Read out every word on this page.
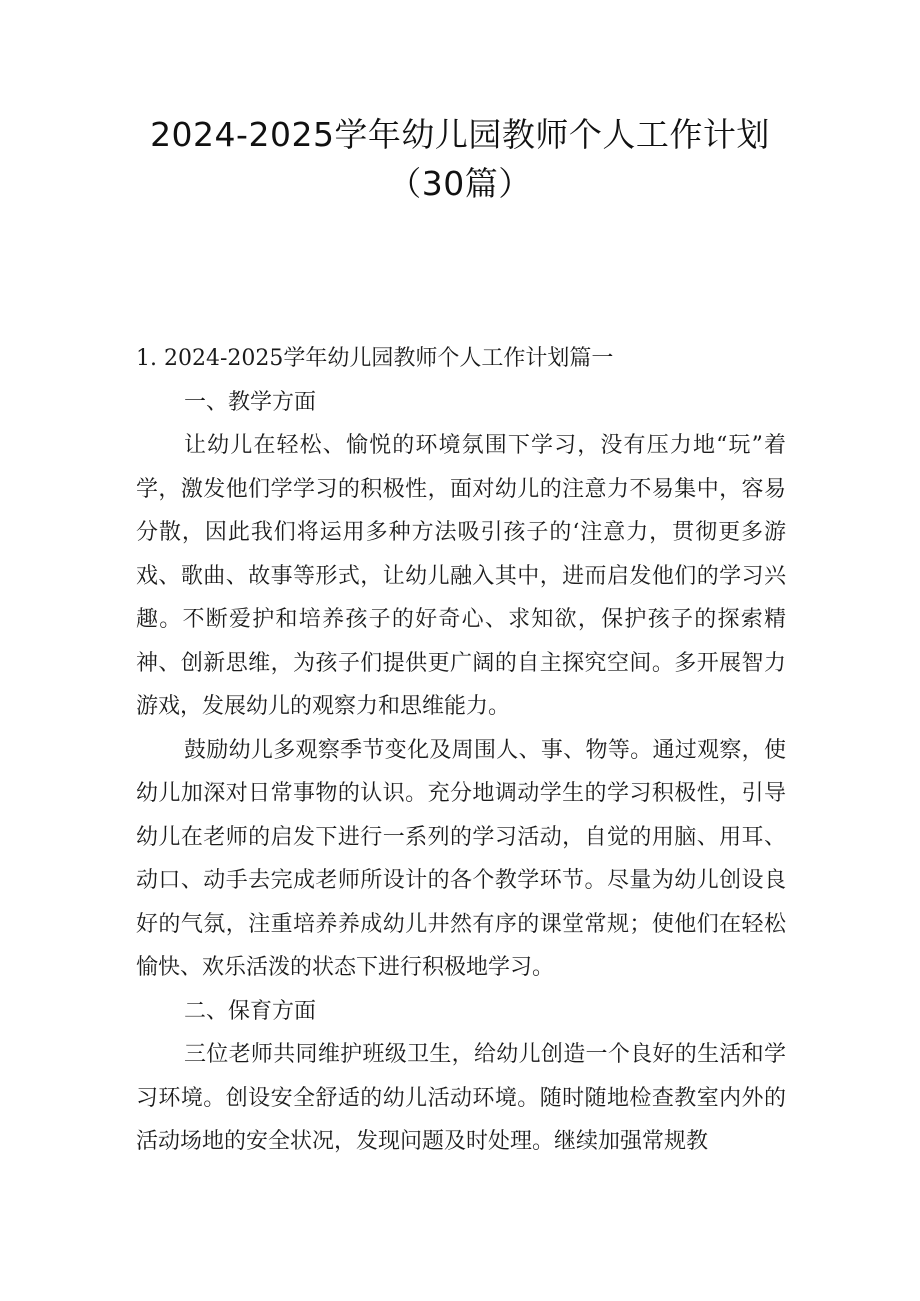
2024-2025学年幼儿园教师个人工作计划
（30篇）

1. 2024-2025学年幼儿园教师个人工作计划篇一

一、教学方面

让幼儿在轻松、愉悦的环境氛围下学习，没有压力地“玩”着学，激发他们学学习的积极性，面对幼儿的注意力不易集中，容易分散，因此我们将运用多种方法吸引孩子的‘注意力，贯彻更多游戏、歌曲、故事等形式，让幼儿融入其中，进而启发他们的学习兴趣。不断爱护和培养孩子的好奇心、求知欲，保护孩子的探索精神、创新思维，为孩子们提供更广阔的自主探究空间。多开展智力游戏，发展幼儿的观察力和思维能力。

鼓励幼儿多观察季节变化及周围人、事、物等。通过观察，使幼儿加深对日常事物的认识。充分地调动学生的学习积极性，引导幼儿在老师的启发下进行一系列的学习活动，自觉的用脑、用耳、动口、动手去完成老师所设计的各个教学环节。尽量为幼儿创设良好的气氛，注重培养养成幼儿井然有序的课堂常规；使他们在轻松愉快、欢乐活泼的状态下进行积极地学习。

二、保育方面

三位老师共同维护班级卫生，给幼儿创造一个良好的生活和学习环境。创设安全舒适的幼儿活动环境。随时随地检查教室内外的活动场地的安全状况，发现问题及时处理。继续加强常规教
